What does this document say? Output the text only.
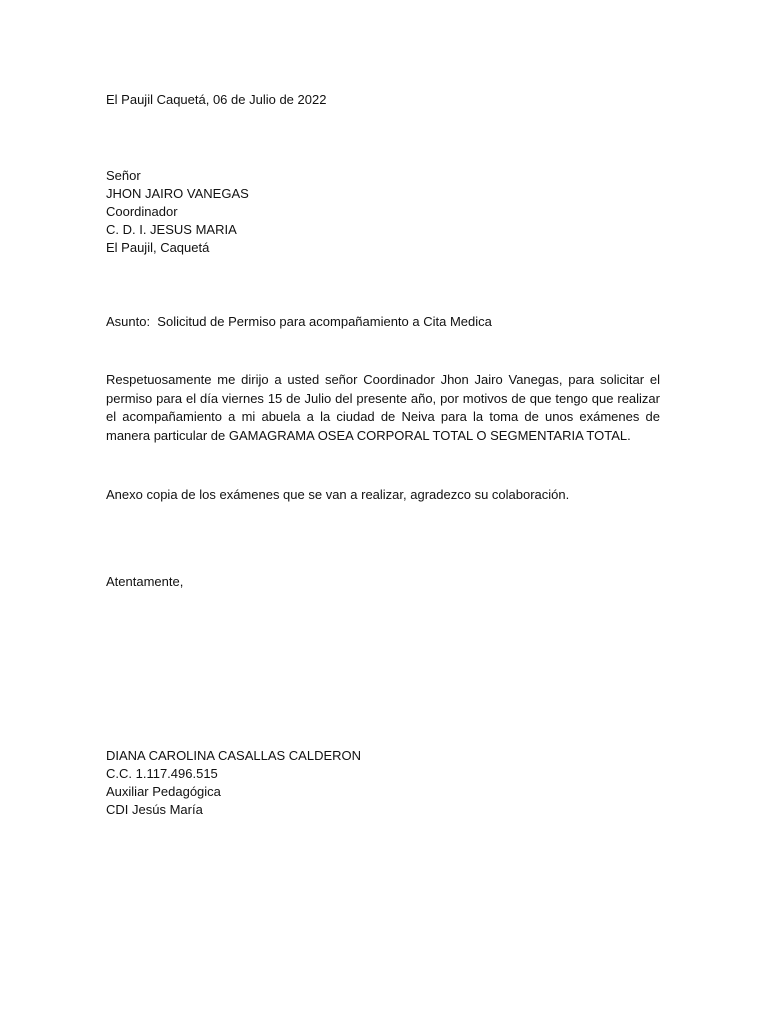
El Paujil Caquetá, 06 de Julio de 2022
Señor
JHON JAIRO VANEGAS
Coordinador
C. D. I. JESUS MARIA
El Paujil, Caquetá
Asunto:  Solicitud de Permiso para acompañamiento a Cita Medica
Respetuosamente me dirijo a usted señor Coordinador Jhon Jairo Vanegas, para solicitar el permiso para el día viernes 15 de Julio del presente año, por motivos de que tengo que realizar el acompañamiento a mi abuela a la ciudad de Neiva para la toma de unos exámenes de manera particular de GAMAGRAMA OSEA CORPORAL TOTAL O SEGMENTARIA TOTAL.
Anexo copia de los exámenes que se van a realizar, agradezco su colaboración.
Atentamente,
DIANA CAROLINA CASALLAS CALDERON
C.C. 1.117.496.515
Auxiliar Pedagógica
CDI Jesús María
